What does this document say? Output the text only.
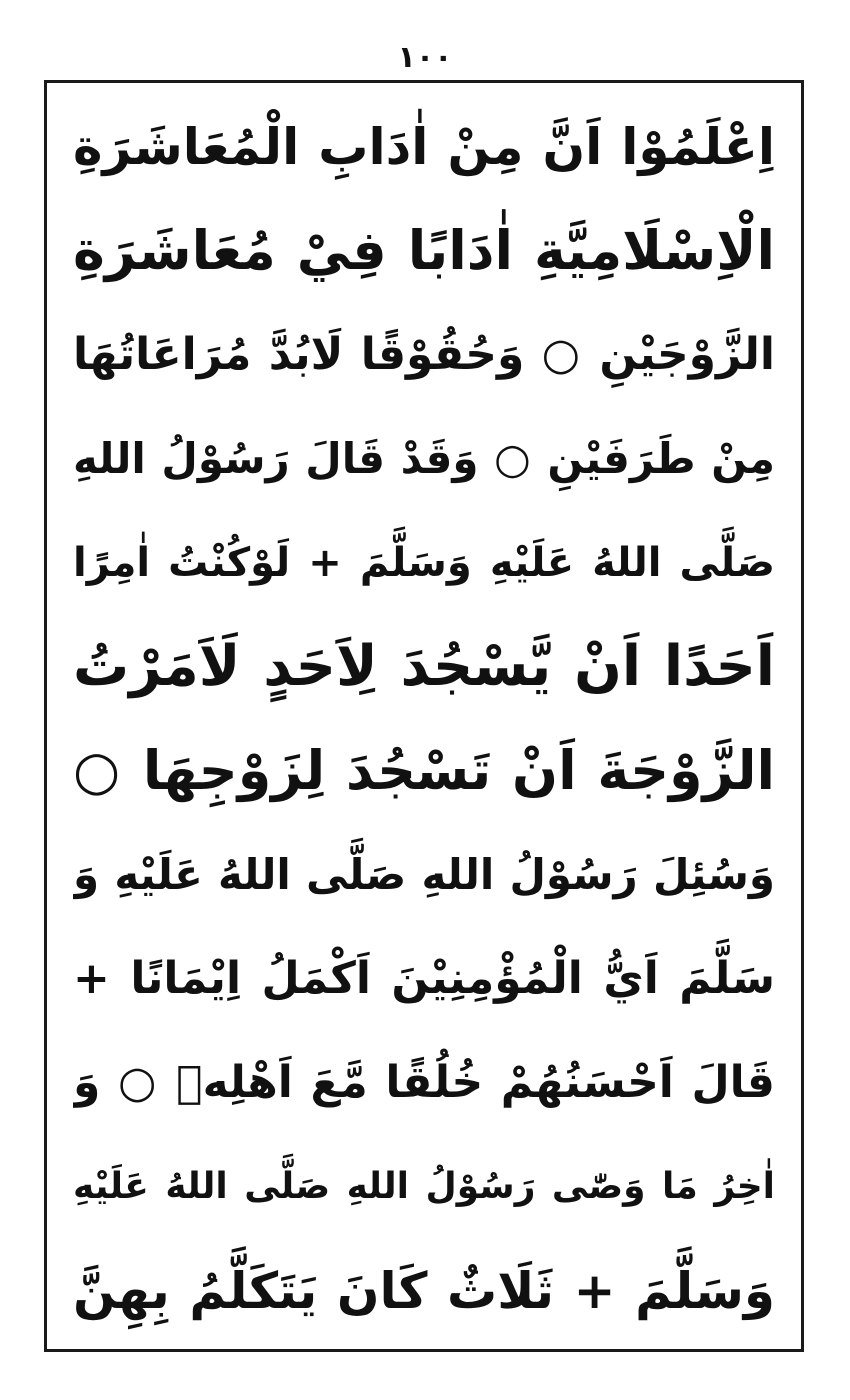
١٠٠
اِعْلَمُوْا اَنَّ مِنْ اٰدَابِ الْمُعَاشَرَةِ
الْاِسْلَامِيَّةِ اٰدَابًا فِيْ مُعَاشَرَةِ
الزَّوْجَيْنِ ○ وَحُقُوْقًا لَابُدَّ مُرَاعَاتُهَا
مِنْ طَرَفَيْنِ ○ وَقَدْ قَالَ رَسُوْلُ اللهِ
صَلَّى اللهُ عَلَيْهِ وَسَلَّمَ + لَوْكُنْتُ اٰمِرًا
اَحَدًا اَنْ يَّسْجُدَ لِاَحَدٍ لَاَمَرْتُ
الزَّوْجَةَ اَنْ تَسْجُدَ لِزَوْجِهَا ○
وَسُئِلَ رَسُوْلُ اللهِ صَلَّى اللهُ عَلَيْهِ وَ
سَلَّمَ اَيُّ الْمُؤْمِنِيْنَ اَكْمَلُ اِيْمَانًا +
قَالَ اَحْسَنُهُمْ خُلُقًا مَّعَ اَهْلِهٖ ○ وَ
اٰخِرُ مَا وَصّٰى رَسُوْلُ اللهِ صَلَّى اللهُ عَلَيْهِ
وَسَلَّمَ + ثَلَاثٌ كَانَ يَتَكَلَّمُ بِهِنَّ
